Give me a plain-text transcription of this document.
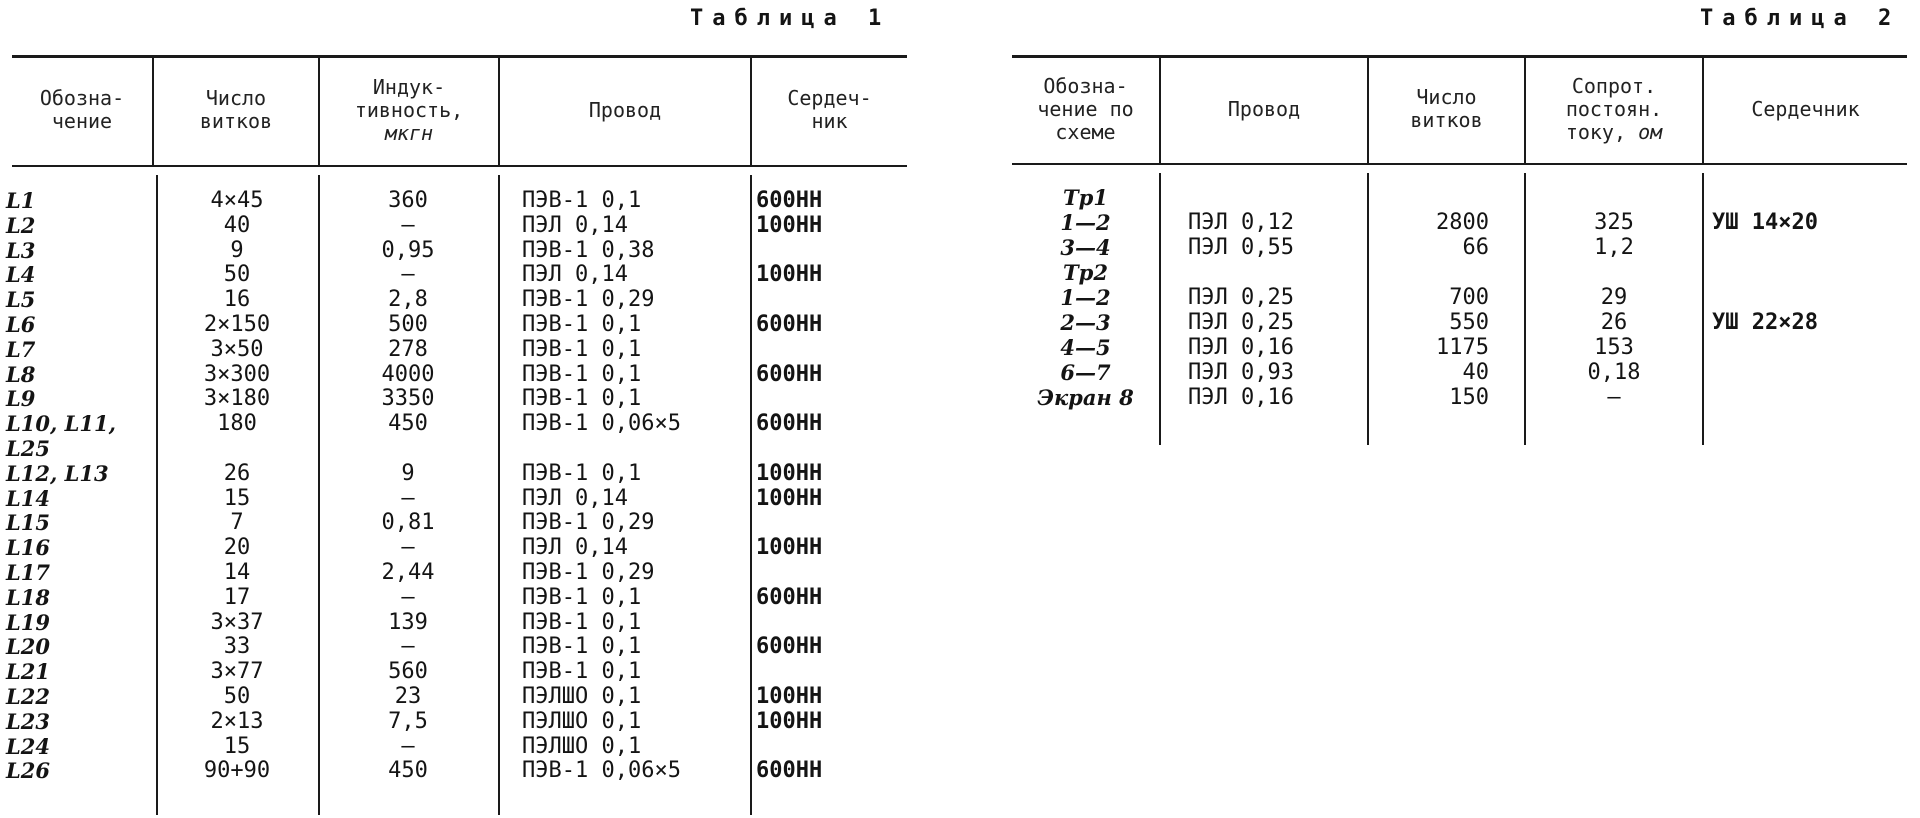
Таблица 1	Таблица 2
Обозна-
чение
Число
витков
Индук-
тивность,
мкгн
Провод	Сердеч-
ник
L1	4×45	360	ПЭВ-1 0,1	600НН
L2	40	—	ПЭЛ 0,14	100НН
L3	9	0,95	ПЭВ-1 0,38
L4	50	—	ПЭЛ 0,14	100НН
L5	16	2,8	ПЭВ-1 0,29
L6	2×150	500	ПЭВ-1 0,1	600НН
L7	3×50	278	ПЭВ-1 0,1
L8	3×300	4000	ПЭВ-1 0,1	600НН
L9	3×180	3350	ПЭВ-1 0,1
L10, L11,	180	450	ПЭВ-1 0,06×5	600НН
L25
L12, L13	26	9	ПЭВ-1 0,1	100НН
L14	15	—	ПЭЛ 0,14	100НН
L15	7	0,81	ПЭВ-1 0,29
L16	20	—	ПЭЛ 0,14	100НН
L17	14	2,44	ПЭВ-1 0,29
L18	17	—	ПЭВ-1 0,1	600НН
L19	3×37	139	ПЭВ-1 0,1
L20	33	—	ПЭВ-1 0,1	600НН
L21	3×77	560	ПЭВ-1 0,1
L22	50	23	ПЭЛШО 0,1	100НН
L23	2×13	7,5	ПЭЛШО 0,1	100НН
L24	15	—	ПЭЛШО 0,1
L26	90+90	450	ПЭВ-1 0,06×5	600НН
Обозна-
чение по
схеме
Провод	Число
витков
Сопрот.
постоян.
току, ом
Сердечник
Тр1
1—2	ПЭЛ 0,12	2800	325	УШ 14×20
3—4	ПЭЛ 0,55	66	1,2
Тр2
1—2	ПЭЛ 0,25	700	29
2—3	ПЭЛ 0,25	550	26	УШ 22×28
4—5	ПЭЛ 0,16	1175	153
6—7	ПЭЛ 0,93	40	0,18
Экран 8	ПЭЛ 0,16	150	—
